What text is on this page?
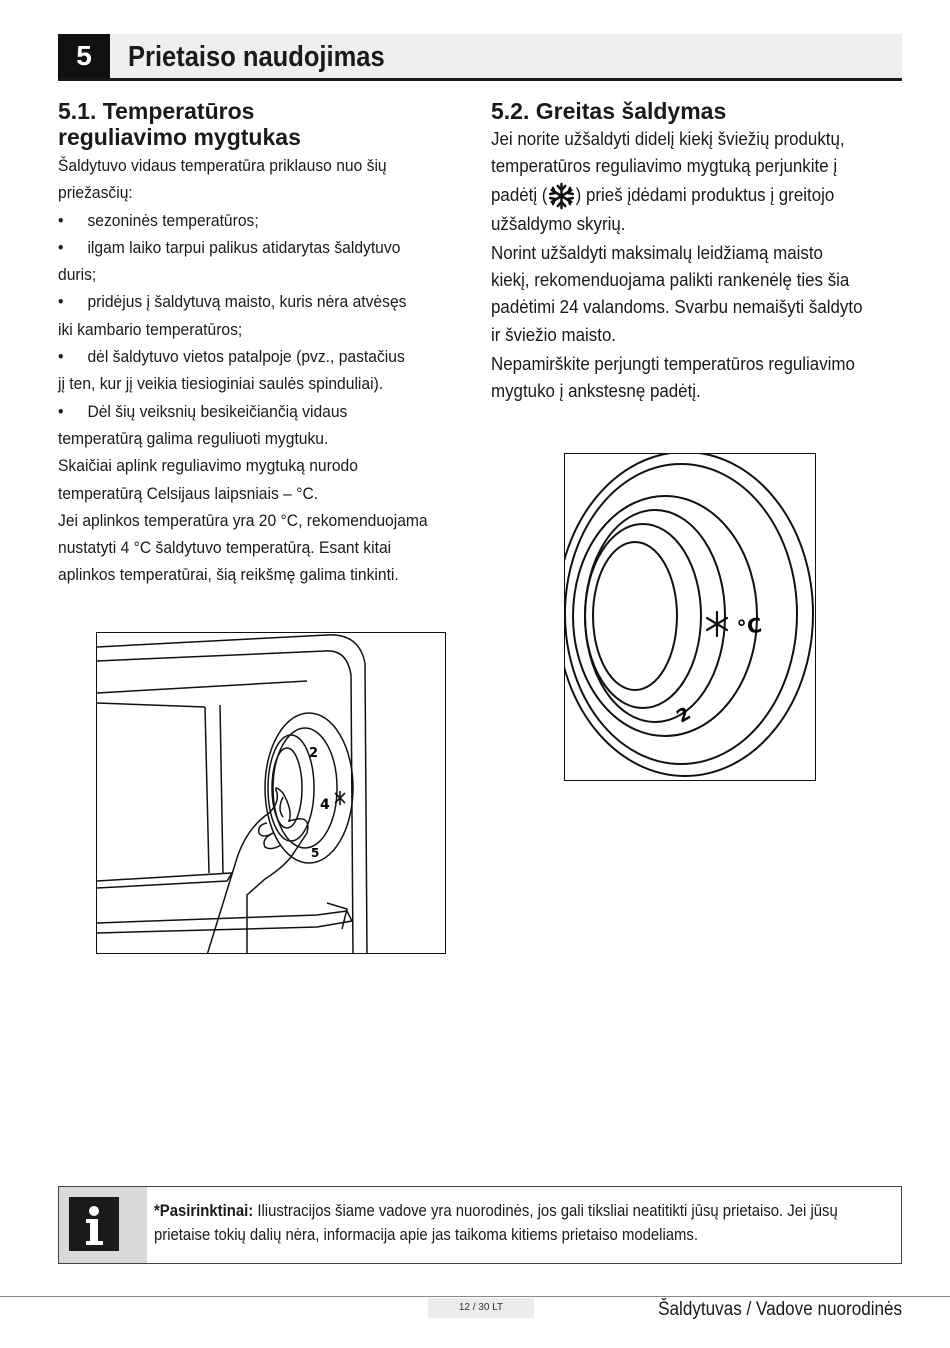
5	Prietaiso naudojimas
5.1. Temperatūros
reguliavimo mygtukas

Šaldytuvo vidaus temperatūra priklauso nuo šių

priežasčių:

•	sezoninės temperatūros;
•	ilgam laiko tarpui palikus atidarytas šaldytuvo

duris;

•	pridėjus į šaldytuvą maisto, kuris nėra atvėsęs

iki kambario temperatūros;

•	dėl šaldytuvo vietos patalpoje (pvz., pastačius

jį ten, kur jį veikia tiesioginiai saulės spinduliai).

•	Dėl šių veiksnių besikeičiančią vidaus

temperatūrą galima reguliuoti mygtuku.

Skaičiai aplink reguliavimo mygtuką nurodo

temperatūrą Celsijaus laipsniais – °C.

Jei aplinkos temperatūra yra 20 °C, rekomenduojama

nustatyti 4 °C šaldytuvo temperatūrą. Esant kitai

aplinkos temperatūrai, šią reikšmę galima tinkinti.

2
4
5
5.2. Greitas šaldymas

Jei norite užšaldyti didelį kiekį šviežių produktų,
temperatūros reguliavimo mygtuką perjunkite į
padėtį ( ) prieš įdėdami produktus į greitojo
užšaldymo skyrių.

Norint užšaldyti maksimalų leidžiamą maisto
kiekį, rekomenduojama palikti rankenėlę ties šia
padėtimi 24 valandoms. Svarbu nemaišyti šaldyto
ir šviežio maisto.

Nepamirškite perjungti temperatūros reguliavimo
mygtuko į ankstesnę padėtį.

°C
2
*Pasirinktinai: Iliustracijos šiame vadove yra nuorodinės, jos gali tiksliai neatitikti jūsų prietaiso. Jei jūsų prietaise tokių dalių nėra, informacija apie jas taikoma kitiems prietaiso modeliams.
12 / 30 LT	Šaldytuvas / Vadove nuorodinės
